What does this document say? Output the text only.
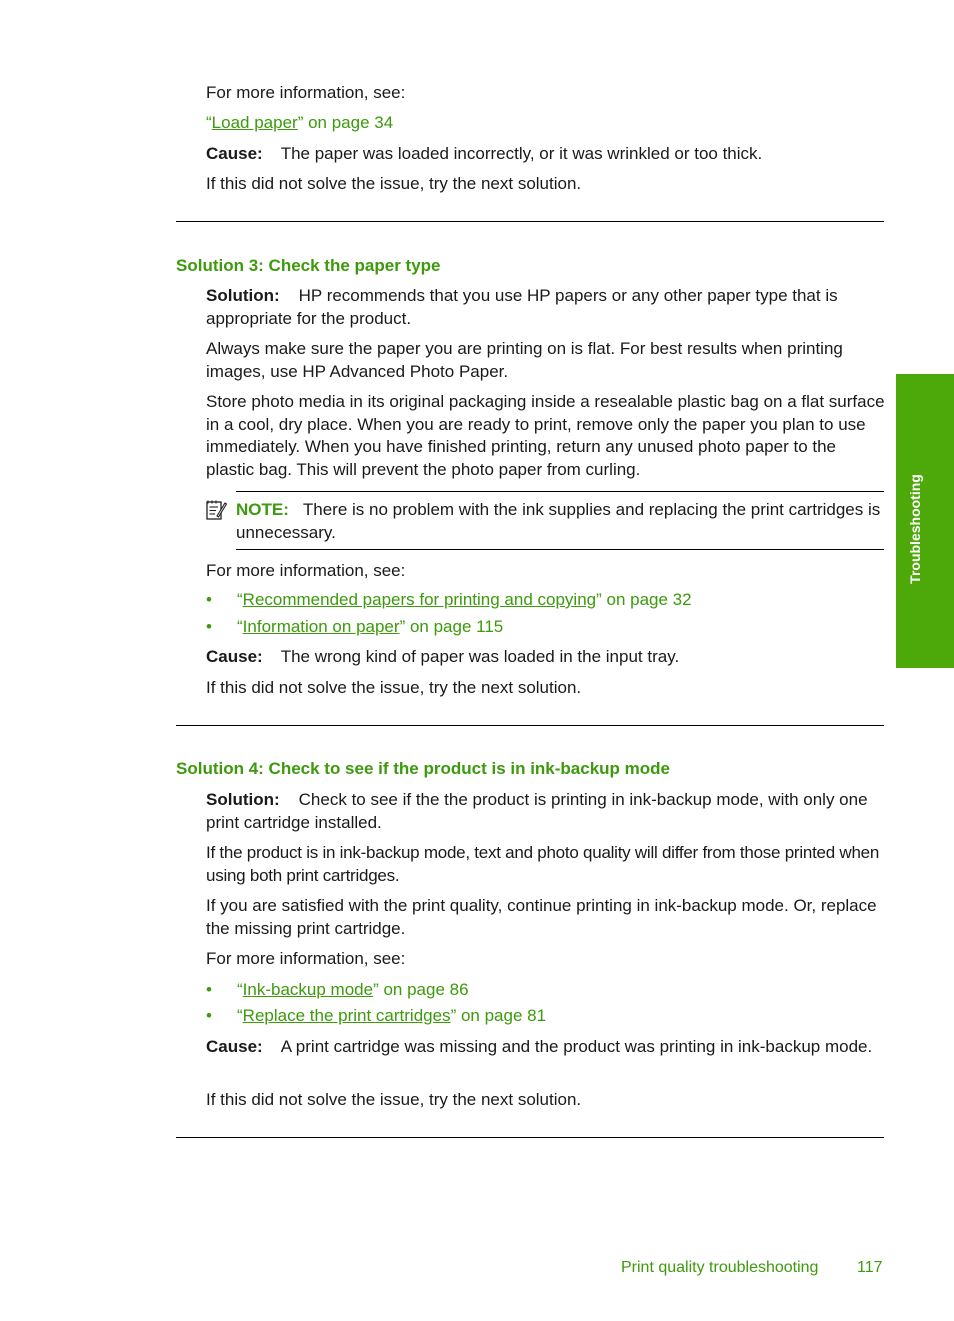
For more information, see:
“Load paper” on page 34
Cause: The paper was loaded incorrectly, or it was wrinkled or too thick.
If this did not solve the issue, try the next solution.
Solution 3: Check the paper type
Solution: HP recommends that you use HP papers or any other paper type that is appropriate for the product.
Always make sure the paper you are printing on is flat. For best results when printing images, use HP Advanced Photo Paper.
Store photo media in its original packaging inside a resealable plastic bag on a flat surface in a cool, dry place. When you are ready to print, remove only the paper you plan to use immediately. When you have finished printing, return any unused photo paper to the plastic bag. This will prevent the photo paper from curling.
NOTE: There is no problem with the ink supplies and replacing the print cartridges is unnecessary.
For more information, see:
• “Recommended papers for printing and copying” on page 32
• “Information on paper” on page 115
Cause: The wrong kind of paper was loaded in the input tray.
If this did not solve the issue, try the next solution.
Solution 4: Check to see if the product is in ink-backup mode
Solution: Check to see if the the product is printing in ink-backup mode, with only one print cartridge installed.
If the product is in ink-backup mode, text and photo quality will differ from those printed when using both print cartridges.
If you are satisfied with the print quality, continue printing in ink-backup mode. Or, replace the missing print cartridge.
For more information, see:
• “Ink-backup mode” on page 86
• “Replace the print cartridges” on page 81
Cause: A print cartridge was missing and the product was printing in ink-backup mode.
If this did not solve the issue, try the next solution.
Troubleshooting
Print quality troubleshooting 117
